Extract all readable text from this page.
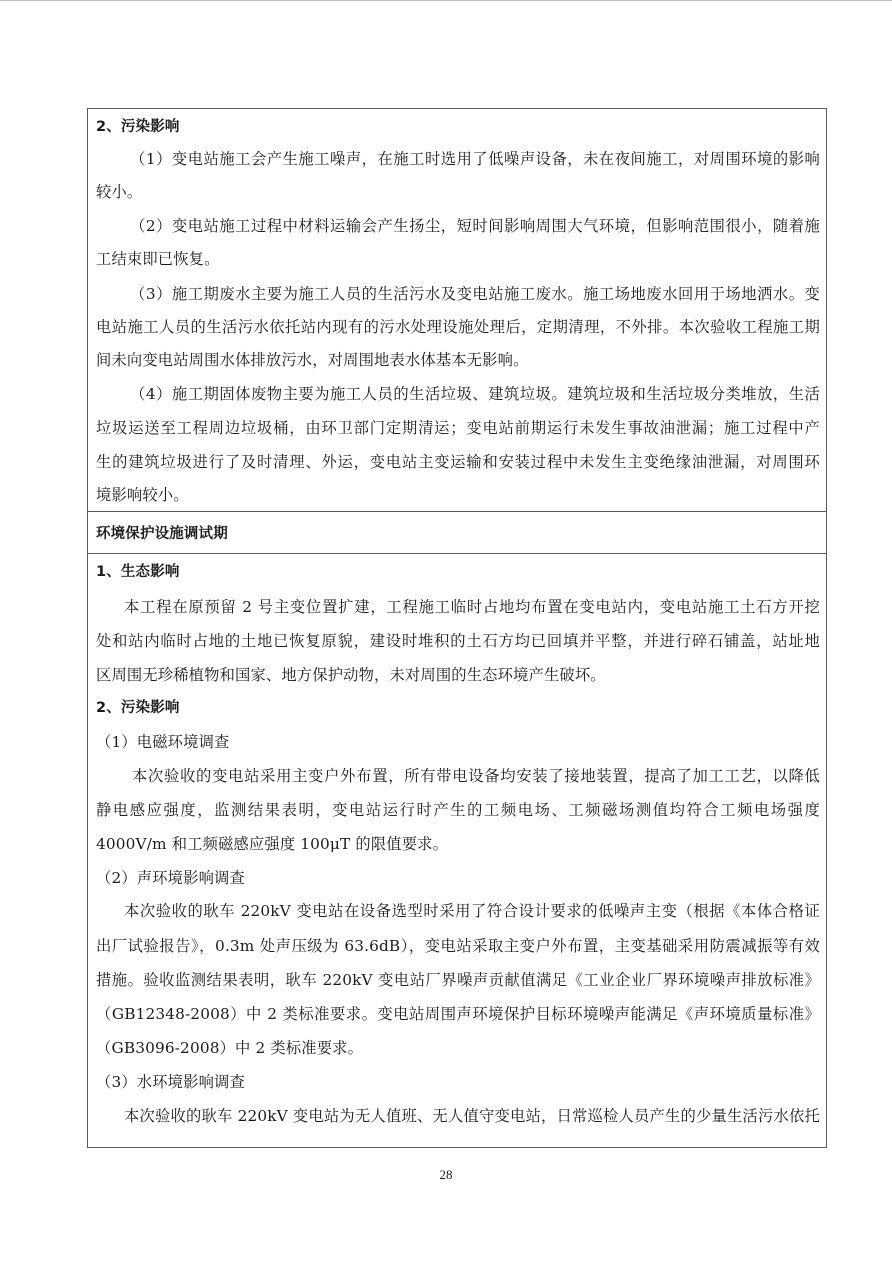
2、污染影响
（1）变电站施工会产生施工噪声，在施工时选用了低噪声设备，未在夜间施工，对周围环境的影响
较小。
（2）变电站施工过程中材料运输会产生扬尘，短时间影响周围大气环境，但影响范围很小，随着施
工结束即已恢复。
（3）施工期废水主要为施工人员的生活污水及变电站施工废水。施工场地废水回用于场地洒水。变
电站施工人员的生活污水依托站内现有的污水处理设施处理后，定期清理，不外排。本次验收工程施工期
间未向变电站周围水体排放污水，对周围地表水体基本无影响。
（4）施工期固体废物主要为施工人员的生活垃圾、建筑垃圾。建筑垃圾和生活垃圾分类堆放，生活
垃圾运送至工程周边垃圾桶，由环卫部门定期清运；变电站前期运行未发生事故油泄漏；施工过程中产
生的建筑垃圾进行了及时清理、外运，变电站主变运输和安装过程中未发生主变绝缘油泄漏，对周围环
境影响较小。
环境保护设施调试期
1、生态影响
本工程在原预留 2 号主变位置扩建，工程施工临时占地均布置在变电站内，变电站施工土石方开挖
处和站内临时占地的土地已恢复原貌，建设时堆积的土石方均已回填并平整，并进行碎石铺盖，站址地
区周围无珍稀植物和国家、地方保护动物，未对周围的生态环境产生破坏。
2、污染影响
（1）电磁环境调查
本次验收的变电站采用主变户外布置，所有带电设备均安装了接地装置，提高了加工工艺，以降低
静电感应强度，监测结果表明，变电站运行时产生的工频电场、工频磁场测值均符合工频电场强度
4000V/m 和工频磁感应强度 100μT 的限值要求。
（2）声环境影响调查
本次验收的耿车 220kV 变电站在设备选型时采用了符合设计要求的低噪声主变（根据《本体合格证
出厂试验报告》，0.3m 处声压级为 63.6dB），变电站采取主变户外布置，主变基础采用防震减振等有效
措施。验收监测结果表明，耿车 220kV 变电站厂界噪声贡献值满足《工业企业厂界环境噪声排放标准》
（GB12348-2008）中 2 类标准要求。变电站周围声环境保护目标环境噪声能满足《声环境质量标准》
（GB3096-2008）中 2 类标准要求。
（3）水环境影响调查
本次验收的耿车 220kV 变电站为无人值班、无人值守变电站，日常巡检人员产生的少量生活污水依托
28
